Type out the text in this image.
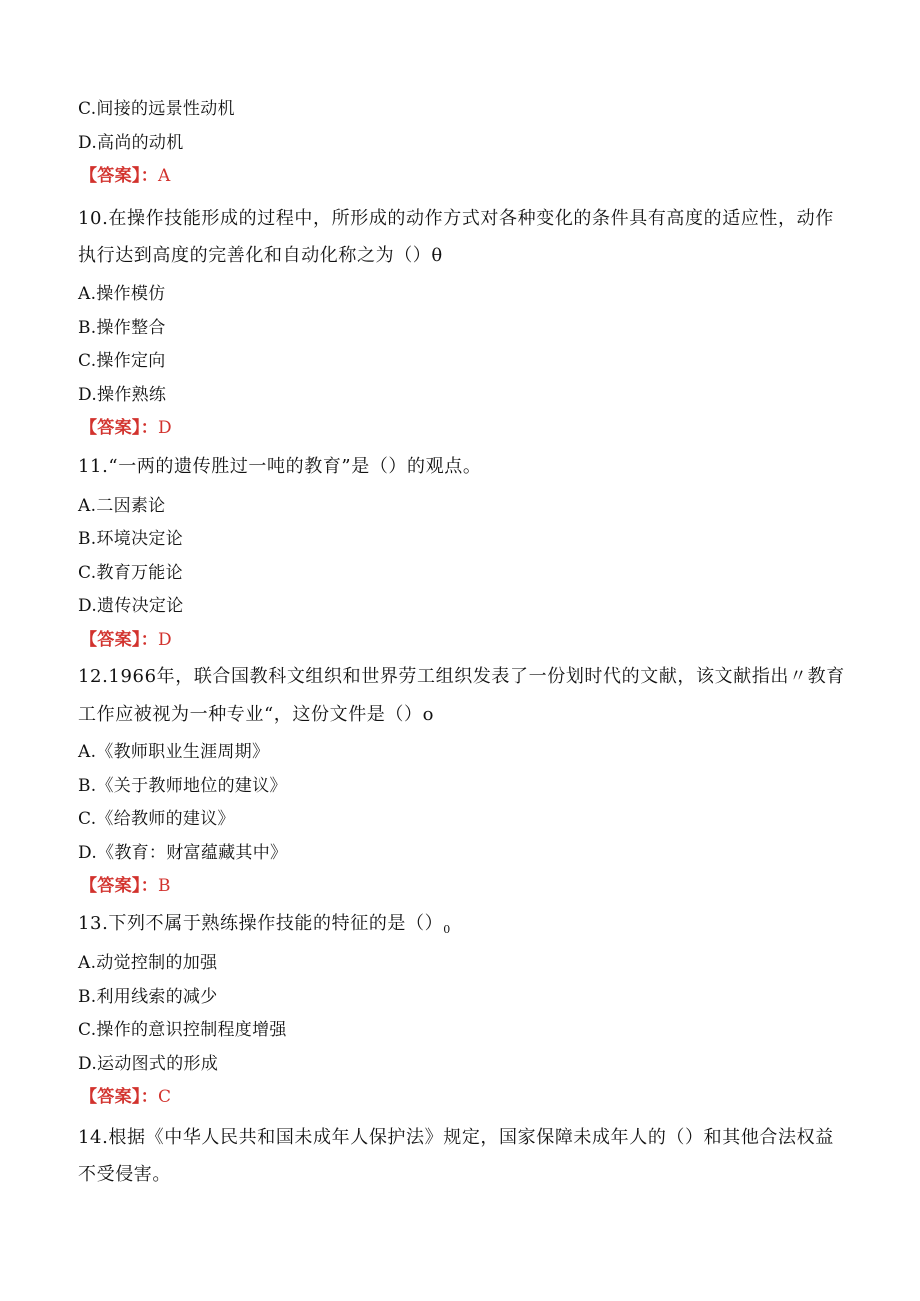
C.间接的远景性动机
D.高尚的动机
【答案】：A
10.在操作技能形成的过程中，所形成的动作方式对各种变化的条件具有高度的适应性，动作
执行达到高度的完善化和自动化称之为（）θ
A.操作模仿
B.操作整合
C.操作定向
D.操作熟练
【答案】：D
11.“一两的遗传胜过一吨的教育”是（）的观点。
A.二因素论
B.环境决定论
C.教育万能论
D.遗传决定论
【答案】：D
12.1966年，联合国教科文组织和世界劳工组织发表了一份划时代的文献，该文献指出〃教育
工作应被视为一种专业“，这份文件是（）o
A.《教师职业生涯周期》
B.《关于教师地位的建议》
C.《给教师的建议》
D.《教育：财富蕴藏其中》
【答案】：B
13.下列不属于熟练操作技能的特征的是$()_0$
A.动觉控制的加强
B.利用线索的减少
C.操作的意识控制程度增强
D.运动图式的形成
【答案】：C
14.根据《中华人民共和国未成年人保护法》规定，国家保障未成年人的（）和其他合法权益
不受侵害。
